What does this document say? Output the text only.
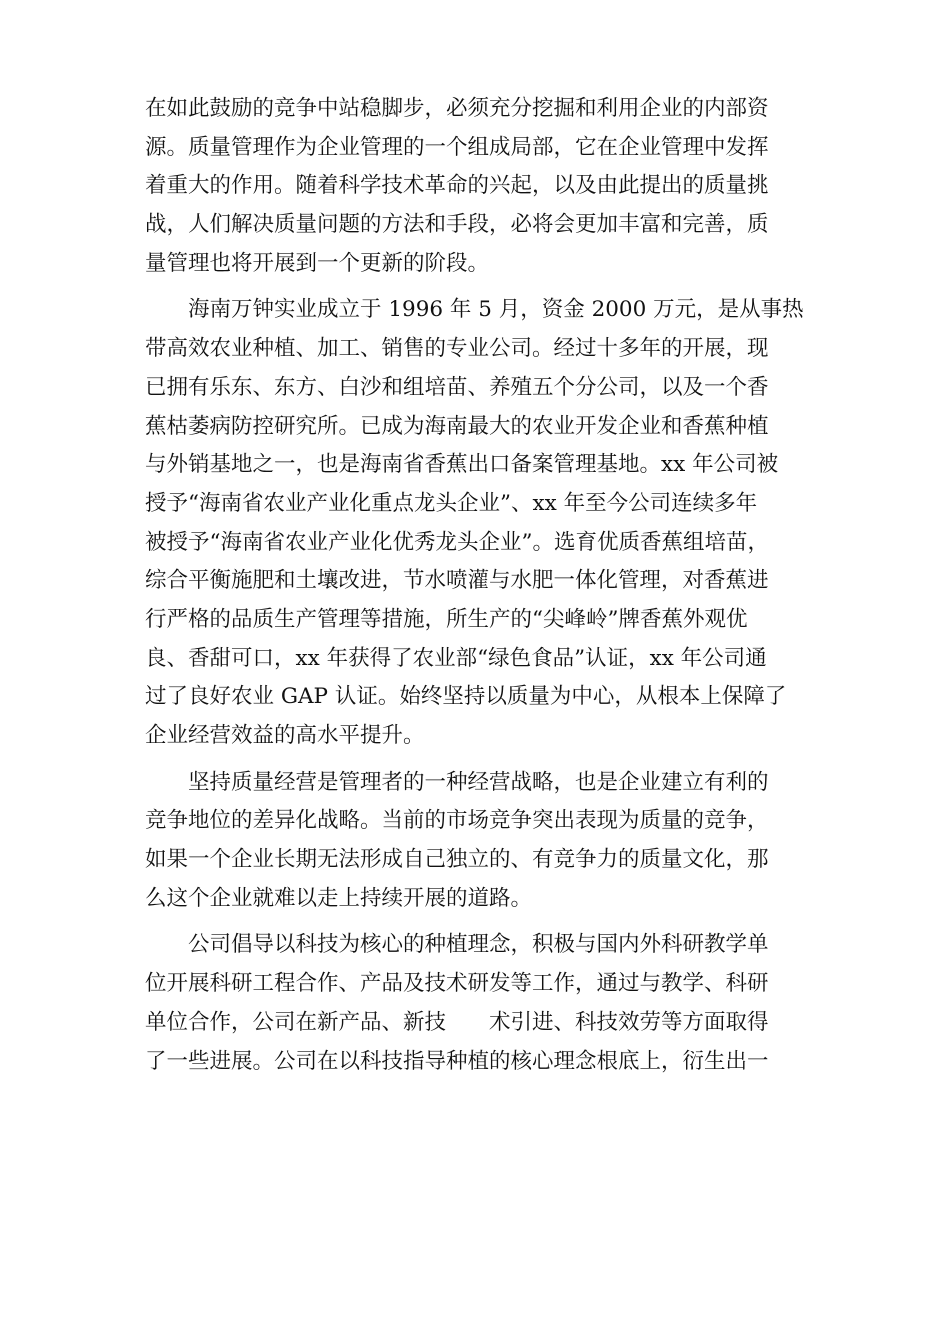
在如此鼓励的竞争中站稳脚步，必须充分挖掘和利用企业的内部资
源。质量管理作为企业管理的一个组成局部，它在企业管理中发挥
着重大的作用。随着科学技术革命的兴起，以及由此提出的质量挑
战，人们解决质量问题的方法和手段，必将会更加丰富和完善，质
量管理也将开展到一个更新的阶段。
海南万钟实业成立于 1996 年 5 月，资金 2000 万元，是从事热
带高效农业种植、加工、销售的专业公司。经过十多年的开展，现
已拥有乐东、东方、白沙和组培苗、养殖五个分公司，以及一个香
蕉枯萎病防控研究所。已成为海南最大的农业开发企业和香蕉种植
与外销基地之一，也是海南省香蕉出口备案管理基地。xx 年公司被
授予“海南省农业产业化重点龙头企业”、xx 年至今公司连续多年
被授予“海南省农业产业化优秀龙头企业”。选育优质香蕉组培苗，
综合平衡施肥和土壤改进，节水喷灌与水肥一体化管理，对香蕉进
行严格的品质生产管理等措施，所生产的“尖峰岭”牌香蕉外观优
良、香甜可口，xx 年获得了农业部“绿色食品”认证，xx 年公司通
过了良好农业 GAP 认证。始终坚持以质量为中心，从根本上保障了
企业经营效益的高水平提升。
坚持质量经营是管理者的一种经营战略，也是企业建立有利的
竞争地位的差异化战略。当前的市场竞争突出表现为质量的竞争，
如果一个企业长期无法形成自己独立的、有竞争力的质量文化，那
么这个企业就难以走上持续开展的道路。
公司倡导以科技为核心的种植理念，积极与国内外科研教学单
位开展科研工程合作、产品及技术研发等工作，通过与教学、科研
单位合作，公司在新产品、新技　　术引进、科技效劳等方面取得
了一些进展。公司在以科技指导种植的核心理念根底上，衍生出一
